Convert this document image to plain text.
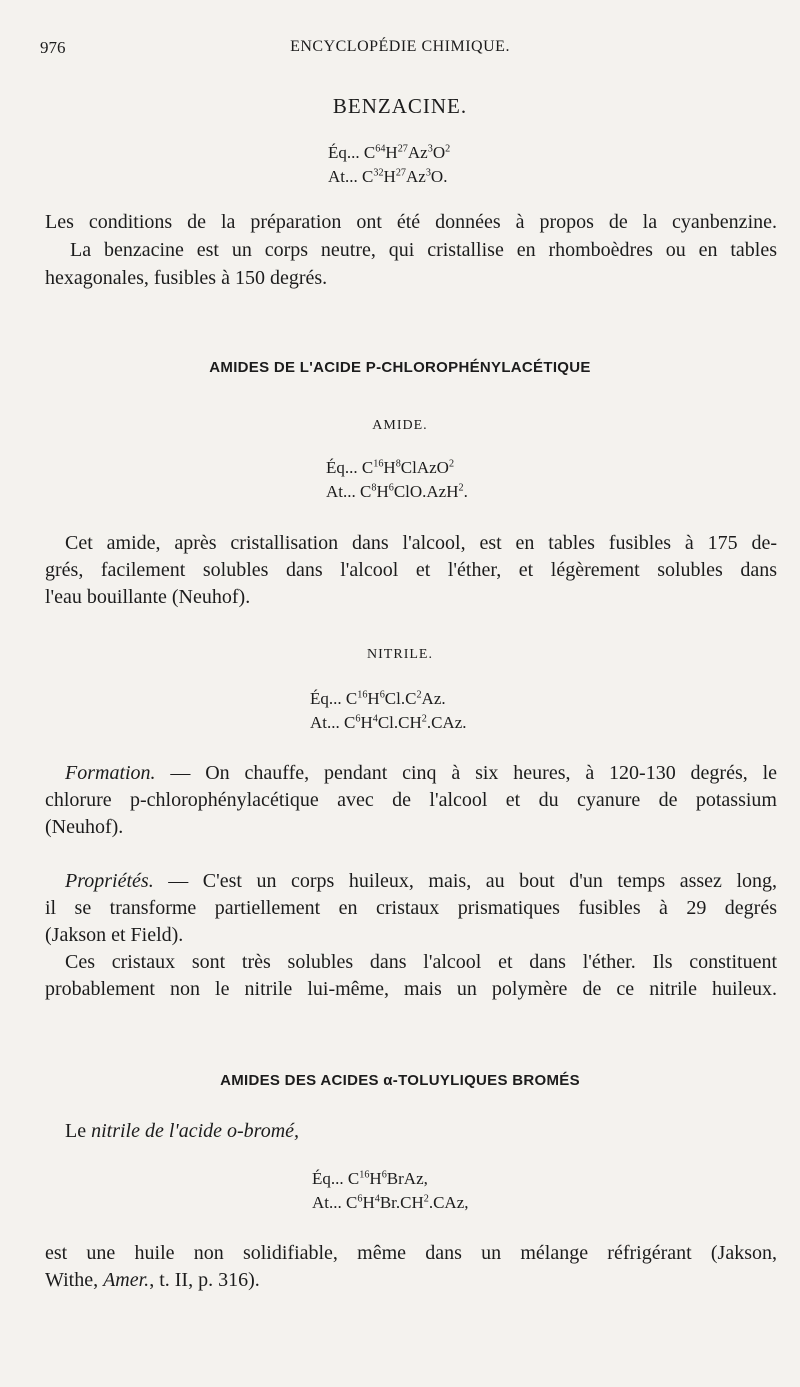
976	ENCYCLOPÉDIE CHIMIQUE.
BENZACINE.
Éq... $C^{64}H^{27}Az^3O^2$
At... $C^{32}H^{27}Az^3O$.
Les conditions de la préparation ont été données à propos de la cyanbenzine.
La benzacine est un corps neutre, qui cristallise en rhomboèdres ou en tables
hexagonales, fusibles à 150 degrés.
AMIDES DE L'ACIDE P-CHLOROPHÉNYLACÉTIQUE
AMIDE.
Éq... $C^{16}H^8ClAzO^2$
At... $C^8H^6ClO.AzH^2$.
Cet amide, après cristallisation dans l'alcool, est en tables fusibles à 175 de-
grés, facilement solubles dans l'alcool et l'éther, et légèrement solubles dans
l'eau bouillante (Neuhof).
NITRILE.
Éq... $C^{16}H^6Cl.C^2Az$.
At... $C^6H^4Cl.CH^2.CAz$.
Formation. — On chauffe, pendant cinq à six heures, à 120-130 degrés, le
chlorure p-chlorophénylacétique avec de l'alcool et du cyanure de potassium
(Neuhof).
Propriétés. — C'est un corps huileux, mais, au bout d'un temps assez long,
il se transforme partiellement en cristaux prismatiques fusibles à 29 degrés
(Jakson et Field).
Ces cristaux sont très solubles dans l'alcool et dans l'éther. Ils constituent
probablement non le nitrile lui-même, mais un polymère de ce nitrile huileux.
AMIDES DES ACIDES α-TOLUYLIQUES BROMÉS
Le nitrile de l'acide o-bromé,
Éq... $C^{16}H^6BrAz$,
At... $C^6H^4Br.CH^2.CAz$,
est une huile non solidifiable, même dans un mélange réfrigérant (Jakson,
Withe, Amer., t. II, p. 316).
